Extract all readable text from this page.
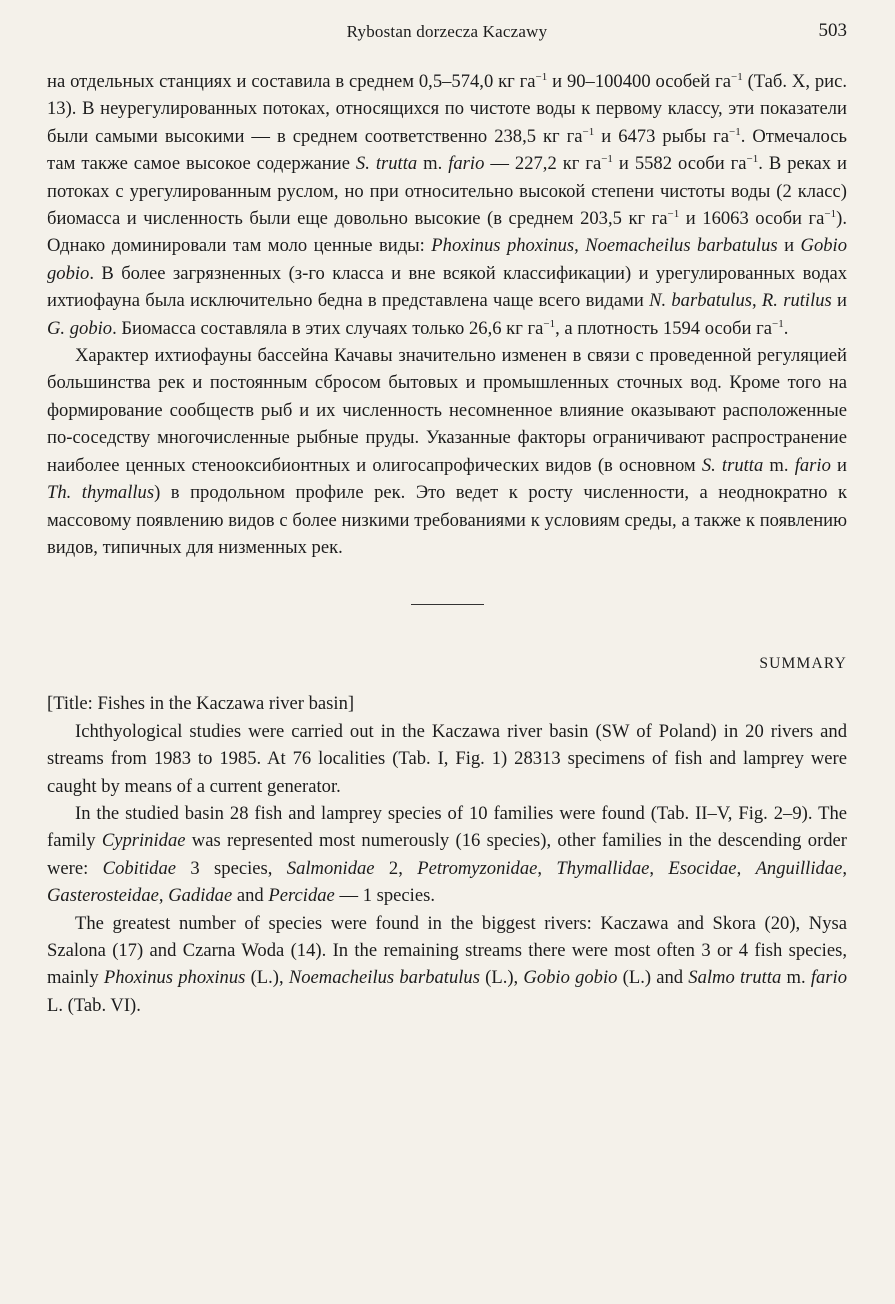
Rybostan dorzecza Kaczawy	503

на отдельных станциях и составила в среднем 0,5–574,0 кг $га^{-1}$ и 90–100400 особей $га^{-1}$ (Таб. X, рис. 13). В неурегулированных потоках, относящихся по чистоте воды к первому классу, эти показатели были самыми высокими — в среднем соответственно 238,5 кг $га^{-1}$ и 6473 рыбы $га^{-1}$. Отмечалось там также самое высокое содержание S. trutta m. fario — 227,2 кг $га^{-1}$ и 5582 особи $га^{-1}$. В реках и потоках с урегулированным руслом, но при относительно высокой степени чистоты воды (2 класс) биомасса и численность были еще довольно высокие (в среднем 203,5 кг $га^{-1}$ и 16063 особи $га^{-1}$). Однако доминировали там моло ценные виды: Phoxinus phoxinus, Noemacheilus barbatulus и Gobio gobio. В более загрязненных (з-го класса и вне всякой классификации) и урегулированных водах ихтиофауна была исключительно бедна в представлена чаще всего видами N. barbatulus, R. rutilus и G. gobio. Биомасса составляла в этих случаях только 26,6 кг $га^{-1}$, а плотность 1594 особи $га^{-1}$.

Характер ихтиофауны бассейна Качавы значительно изменен в связи с проведенной регуляцией большинства рек и постоянным сбросом бытовых и промышленных сточных вод. Кроме того на формирование сообществ рыб и их численность несомненное влияние оказывают расположенные по-соседству многочисленные рыбные пруды. Указанные факторы ограничивают распространение наиболее ценных стенооксибионтных и олигосапрофических видов (в основном S. trutta m. fario и Th. thymallus) в продольном профиле рек. Это ведет к росту численности, а неоднократно к массовому появлению видов с более низкими требованиями к условиям среды, а также к появлению видов, типичных для низменных рек.

SUMMARY

[Title: Fishes in the Kaczawa river basin]

Ichthyological studies were carried out in the Kaczawa river basin (SW of Poland) in 20 rivers and streams from 1983 to 1985. At 76 localities (Tab. I, Fig. 1) 28313 specimens of fish and lamprey were caught by means of a current generator.

In the studied basin 28 fish and lamprey species of 10 families were found (Tab. II–V, Fig. 2–9). The family Cyprinidae was represented most numerously (16 species), other families in the descending order were: Cobitidae 3 species, Salmonidae 2, Petromyzonidae, Thymallidae, Esocidae, Anguillidae, Gasterosteidae, Gadidae and Percidae — 1 species.

The greatest number of species were found in the biggest rivers: Kaczawa and Skora (20), Nysa Szalona (17) and Czarna Woda (14). In the remaining streams there were most often 3 or 4 fish species, mainly Phoxinus phoxinus (L.), Noemacheilus barbatulus (L.), Gobio gobio (L.) and Salmo trutta m. fario L. (Tab. VI).
